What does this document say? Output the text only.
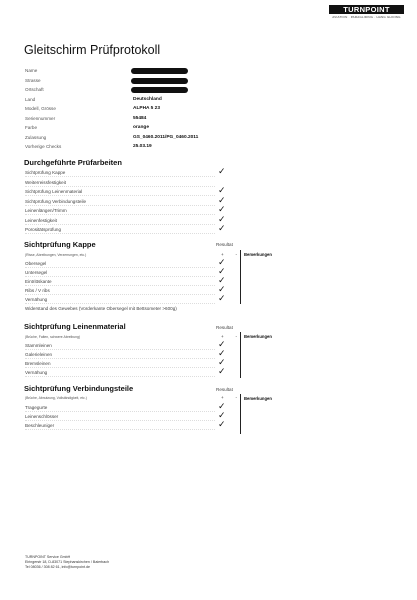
TURNPOINT
AVIATION · PARAGLIDING · HANG GLIDING
Gleitschirm Prüfprotokoll
Name
Strasse
Ortschaft
Land	Deutschland
Modell, Grösse	ALPHA 5 23
Seriennummer	55484
Farbe	orange
Zulassung	GS_0460.2011/PG_0460.2011
Vorherige Checks	25.03.19
Durchgeführte Prüfarbeiten
Sichtprüfung Kappe	✓
Weiterreissfestigkeit
Sichtprüfung Leinenmaterial	✓
Sichtprüfung Verbindungsteile	✓
Leinenlängen/Trimm	✓
Leinenfestigkeit	✓
Porositätsprüfung	✓
Sichtprüfung Kappe	Resultat
(Risse, Abreibungen, Verzerrungen, etc.)	+	- Bemerkungen
Obersegel	✓
Untersegel	✓
Eintrittskante	✓
Ribs / V ribs	✓
Vernähung	✓
Widerstand des Gewebes (Vorderkante Obersegel mit Bettsometer >600g)
Sichtprüfung Leinenmaterial	Resultat
(Brüche, Falten, schwere Abreibung)	+	- Bemerkungen
Stammleinen	✓
Galerieleinen	✓
Bremsleinen	✓
Vernähung	✓
Sichtprüfung Verbindungsteile	Resultat
(Brüche, Abnutzung, Vollständigkeit, etc.)	+	- Bemerkungen
Tragegurte	✓
Leinenschlösser	✓
Beschleuniger	✓
TURNPOINT Service GmbH
Eiringerstr 18, D-83071 Stephanskirchen / Baierbach
Tel 08036 / 308 82 61, info@turnpoint.de
